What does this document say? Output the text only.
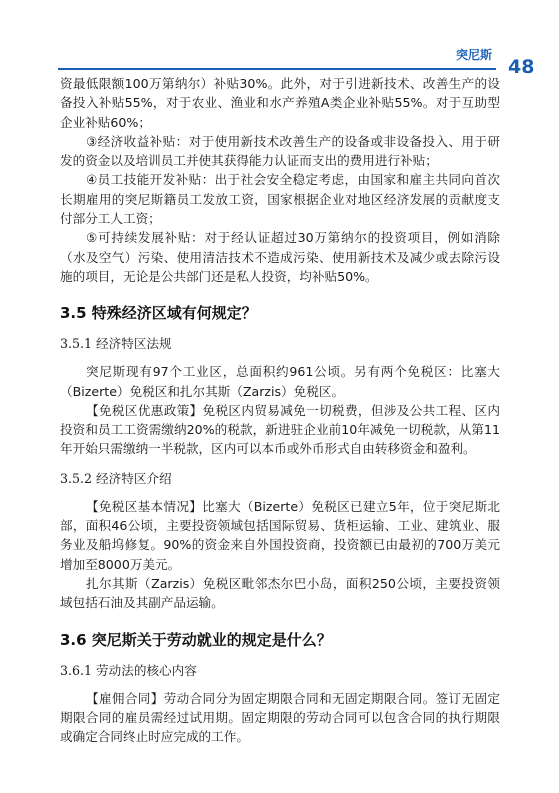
突尼斯
48

资最低限额100万第纳尔）补贴30%。此外，对于引进新技术、改善生产的设备投入补贴55%，对于农业、渔业和水产养殖A类企业补贴55%。对于互助型企业补贴60%；

③经济收益补贴：对于使用新技术改善生产的设备或非设备投入、用于研发的资金以及培训员工并使其获得能力认证而支出的费用进行补贴；

④员工技能开发补贴：出于社会安全稳定考虑，由国家和雇主共同向首次长期雇用的突尼斯籍员工发放工资，国家根据企业对地区经济发展的贡献度支付部分工人工资；

⑤可持续发展补贴：对于经认证超过30万第纳尔的投资项目，例如消除（水及空气）污染、使用清洁技术不造成污染、使用新技术及减少或去除污设施的项目，无论是公共部门还是私人投资，均补贴50%。

3.5 特殊经济区域有何规定？
3.5.1 经济特区法规

突尼斯现有97个工业区，总面积约961公顷。另有两个免税区：比塞大（Bizerte）免税区和扎尔其斯（Zarzis）免税区。

【免税区优惠政策】免税区内贸易减免一切税费，但涉及公共工程、区内投资和员工工资需缴纳20%的税款，新进驻企业前10年减免一切税款，从第11年开始只需缴纳一半税款，区内可以本币或外币形式自由转移资金和盈利。

3.5.2 经济特区介绍

【免税区基本情况】比塞大（Bizerte）免税区已建立5年，位于突尼斯北部，面积46公顷，主要投资领域包括国际贸易、货柜运输、工业、建筑业、服务业及船坞修复。90%的资金来自外国投资商，投资额已由最初的700万美元增加至8000万美元。

扎尔其斯（Zarzis）免税区毗邻杰尔巴小岛，面积250公顷，主要投资领域包括石油及其副产品运输。

3.6 突尼斯关于劳动就业的规定是什么？
3.6.1 劳动法的核心内容

【雇佣合同】劳动合同分为固定期限合同和无固定期限合同。签订无固定期限合同的雇员需经过试用期。固定期限的劳动合同可以包含合同的执行期限或确定合同终止时应完成的工作。
